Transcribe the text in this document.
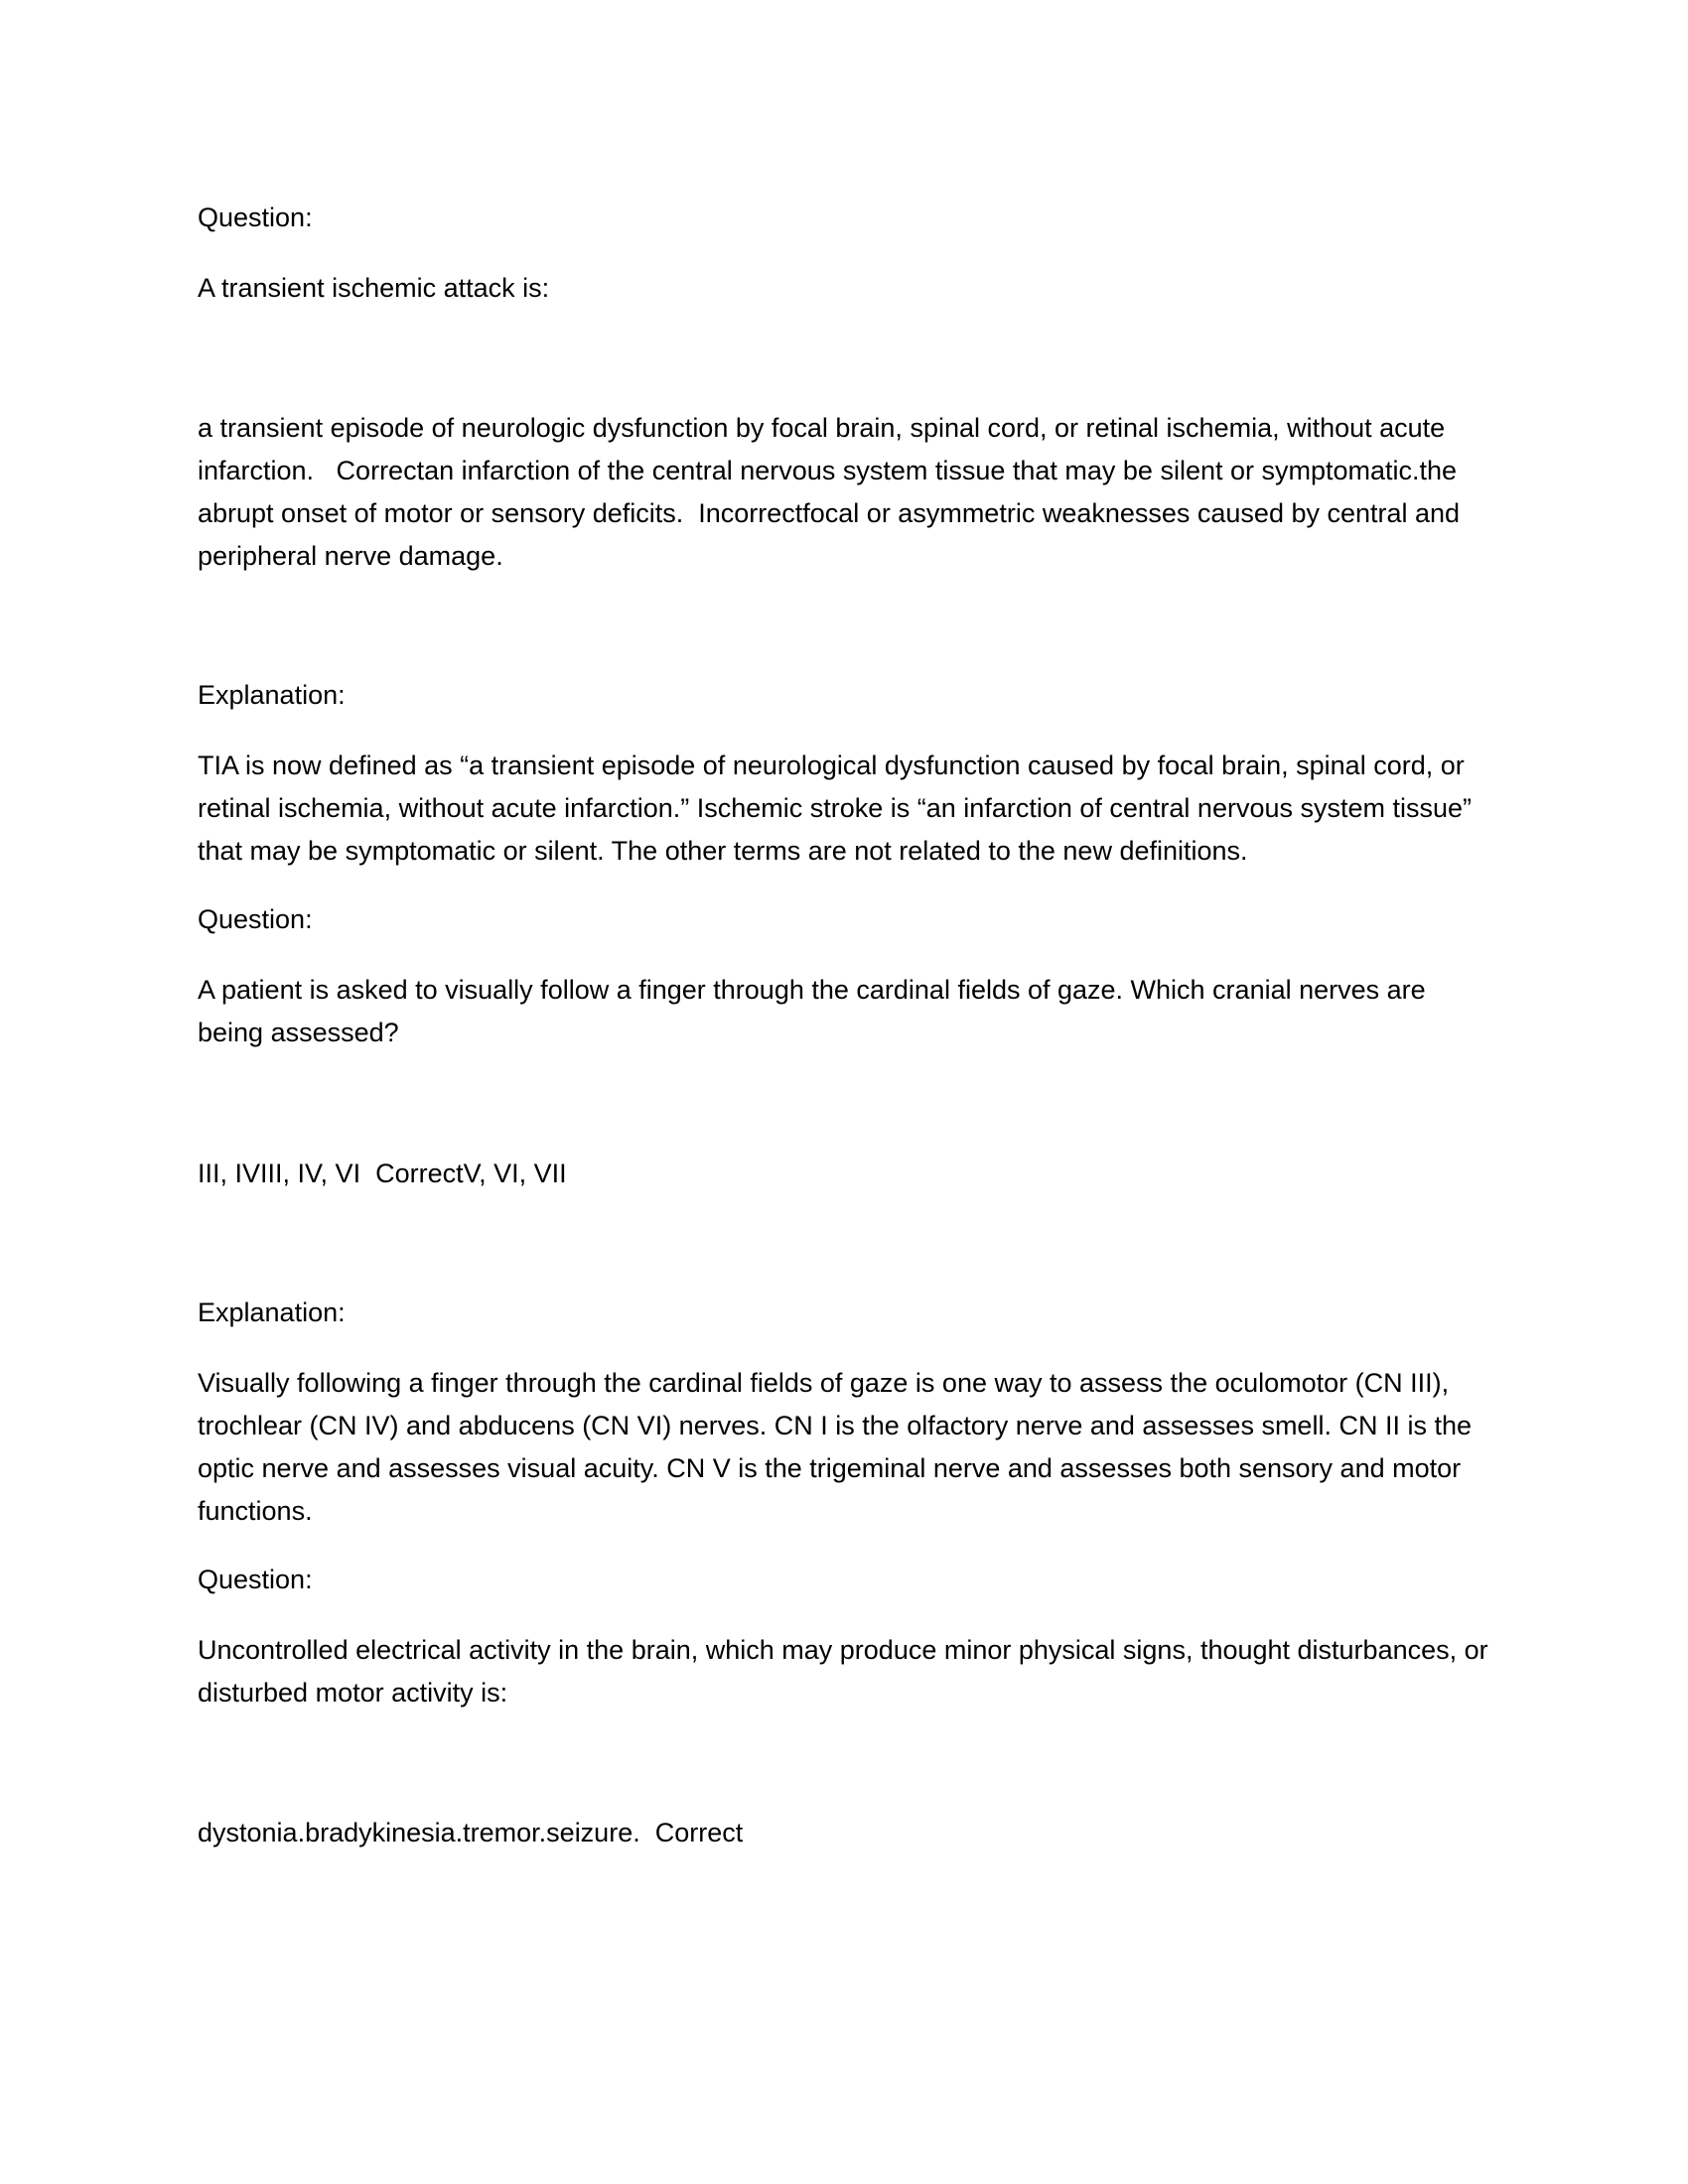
Question:

A transient ischemic attack is:

a transient episode of neurologic dysfunction by focal brain, spinal cord, or retinal ischemia, without acute infarction.   Correctan infarction of the central nervous system tissue that may be silent or symptomatic.the abrupt onset of motor or sensory deficits.  Incorrectfocal or asymmetric weaknesses caused by central and peripheral nerve damage.

Explanation:

TIA is now defined as “a transient episode of neurological dysfunction caused by focal brain, spinal cord, or retinal ischemia, without acute infarction.” Ischemic stroke is “an infarction of central nervous system tissue” that may be symptomatic or silent. The other terms are not related to the new definitions.

Question:

A patient is asked to visually follow a finger through the cardinal fields of gaze. Which cranial nerves are being assessed?

III, IVIII, IV, VI  CorrectV, VI, VII

Explanation:

Visually following a finger through the cardinal fields of gaze is one way to assess the oculomotor (CN III), trochlear (CN IV) and abducens (CN VI) nerves. CN I is the olfactory nerve and assesses smell. CN II is the optic nerve and assesses visual acuity. CN V is the trigeminal nerve and assesses both sensory and motor functions.

Question:

Uncontrolled electrical activity in the brain, which may produce minor physical signs, thought disturbances, or disturbed motor activity is:

dystonia.bradykinesia.tremor.seizure.  Correct
